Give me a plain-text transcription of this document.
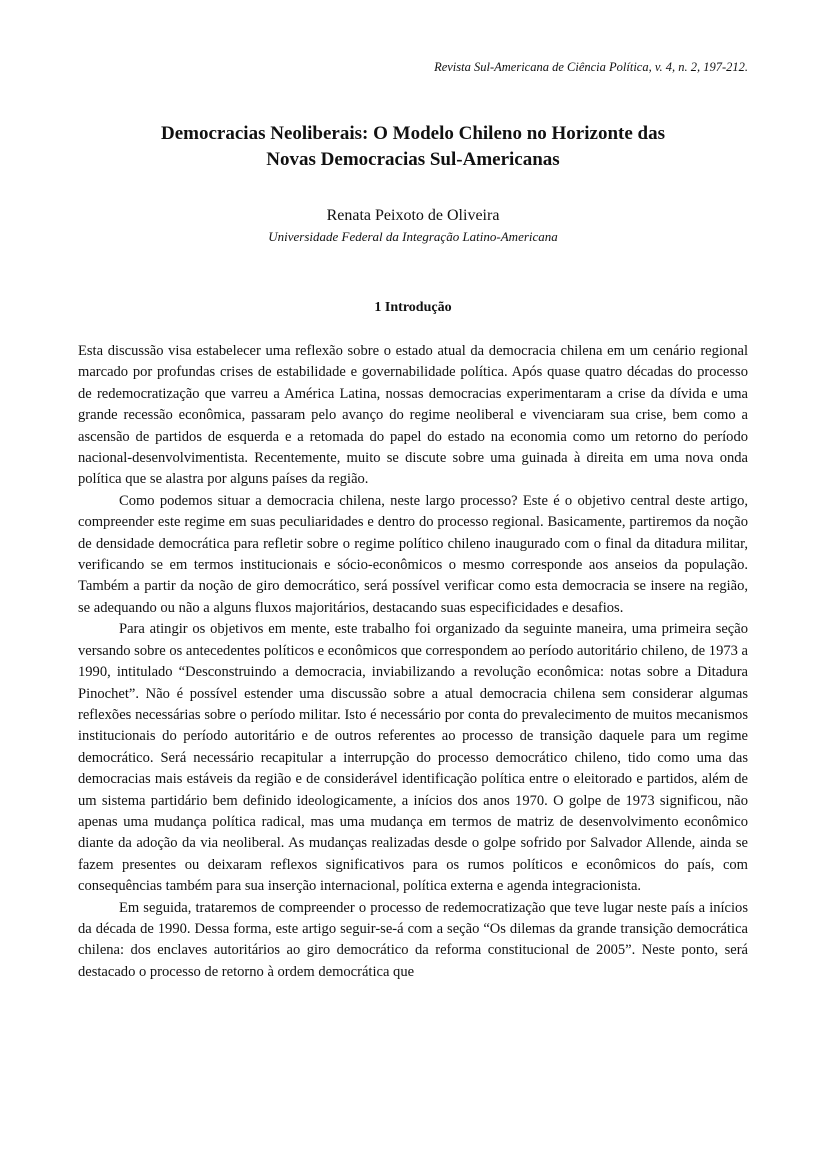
Revista Sul-Americana de Ciência Política, v. 4, n. 2, 197-212.
Democracias Neoliberais: O Modelo Chileno no Horizonte das
Novas Democracias Sul-Americanas

Renata Peixoto de Oliveira

Universidade Federal da Integração Latino-Americana

1 Introdução

Esta discussão visa estabelecer uma reflexão sobre o estado atual da democracia chilena em um cenário regional marcado por profundas crises de estabilidade e governabilidade política. Após quase quatro décadas do processo de redemocratização que varreu a América Latina, nossas democracias experimentaram a crise da dívida e uma grande recessão econômica, passaram pelo avanço do regime neoliberal e vivenciaram sua crise, bem como a ascensão de partidos de esquerda e a retomada do papel do estado na economia como um retorno do período nacional-desenvolvimentista. Recentemente, muito se discute sobre uma guinada à direita em uma nova onda política que se alastra por alguns países da região.

Como podemos situar a democracia chilena, neste largo processo? Este é o objetivo central deste artigo, compreender este regime em suas peculiaridades e dentro do processo regional. Basicamente, partiremos da noção de densidade democrática para refletir sobre o regime político chileno inaugurado com o final da ditadura militar, verificando se em termos institucionais e sócio-econômicos o mesmo corresponde aos anseios da população. Também a partir da noção de giro democrático, será possível verificar como esta democracia se insere na região, se adequando ou não a alguns fluxos majoritários, destacando suas especificidades e desafios.

Para atingir os objetivos em mente, este trabalho foi organizado da seguinte maneira, uma primeira seção versando sobre os antecedentes políticos e econômicos que correspondem ao período autoritário chileno, de 1973 a 1990, intitulado “Desconstruindo a democracia, inviabilizando a revolução econômica: notas sobre a Ditadura Pinochet”. Não é possível estender uma discussão sobre a atual democracia chilena sem considerar algumas reflexões necessárias sobre o período militar. Isto é necessário por conta do prevalecimento de muitos mecanismos institucionais do período autoritário e de outros referentes ao processo de transição daquele para um regime democrático. Será necessário recapitular a interrupção do processo democrático chileno, tido como uma das democracias mais estáveis da região e de considerável identificação política entre o eleitorado e partidos, além de um sistema partidário bem definido ideologicamente, a inícios dos anos 1970. O golpe de 1973 significou, não apenas uma mudança política radical, mas uma mudança em termos de matriz de desenvolvimento econômico diante da adoção da via neoliberal. As mudanças realizadas desde o golpe sofrido por Salvador Allende, ainda se fazem presentes ou deixaram reflexos significativos para os rumos políticos e econômicos do país, com consequências também para sua inserção internacional, política externa e agenda integracionista.

Em seguida, trataremos de compreender o processo de redemocratização que teve lugar neste país a inícios da década de 1990. Dessa forma, este artigo seguir-se-á com a seção “Os dilemas da grande transição democrática chilena: dos enclaves autoritários ao giro democrático da reforma constitucional de 2005”. Neste ponto, será destacado o processo de retorno à ordem democrática que
